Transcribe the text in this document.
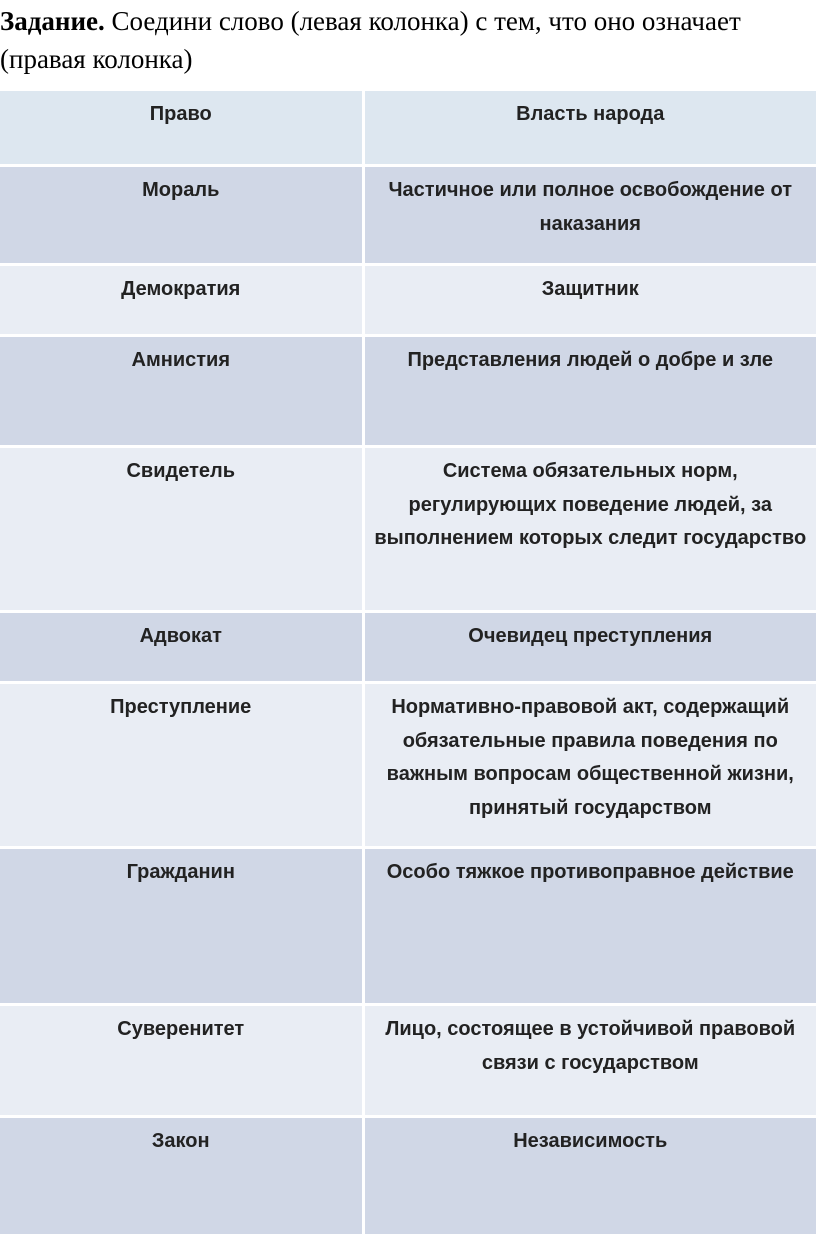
Задание. Соедини слово (левая колонка) с тем, что оно означает (правая колонка)
Право	Власть народа
Мораль	Частичное или полное освобождение от наказания
Демократия	Защитник
Амнистия	Представления людей о добре и зле
Свидетель	Система обязательных норм, регулирующих поведение людей, за выполнением которых следит государство
Адвокат	Очевидец преступления
Преступление	Нормативно-правовой акт, содержащий обязательные правила поведения по важным вопросам общественной жизни, принятый государством
Гражданин	Особо тяжкое противоправное действие
Суверенитет	Лицо, состоящее в устойчивой правовой связи с государством
Закон	Независимость
